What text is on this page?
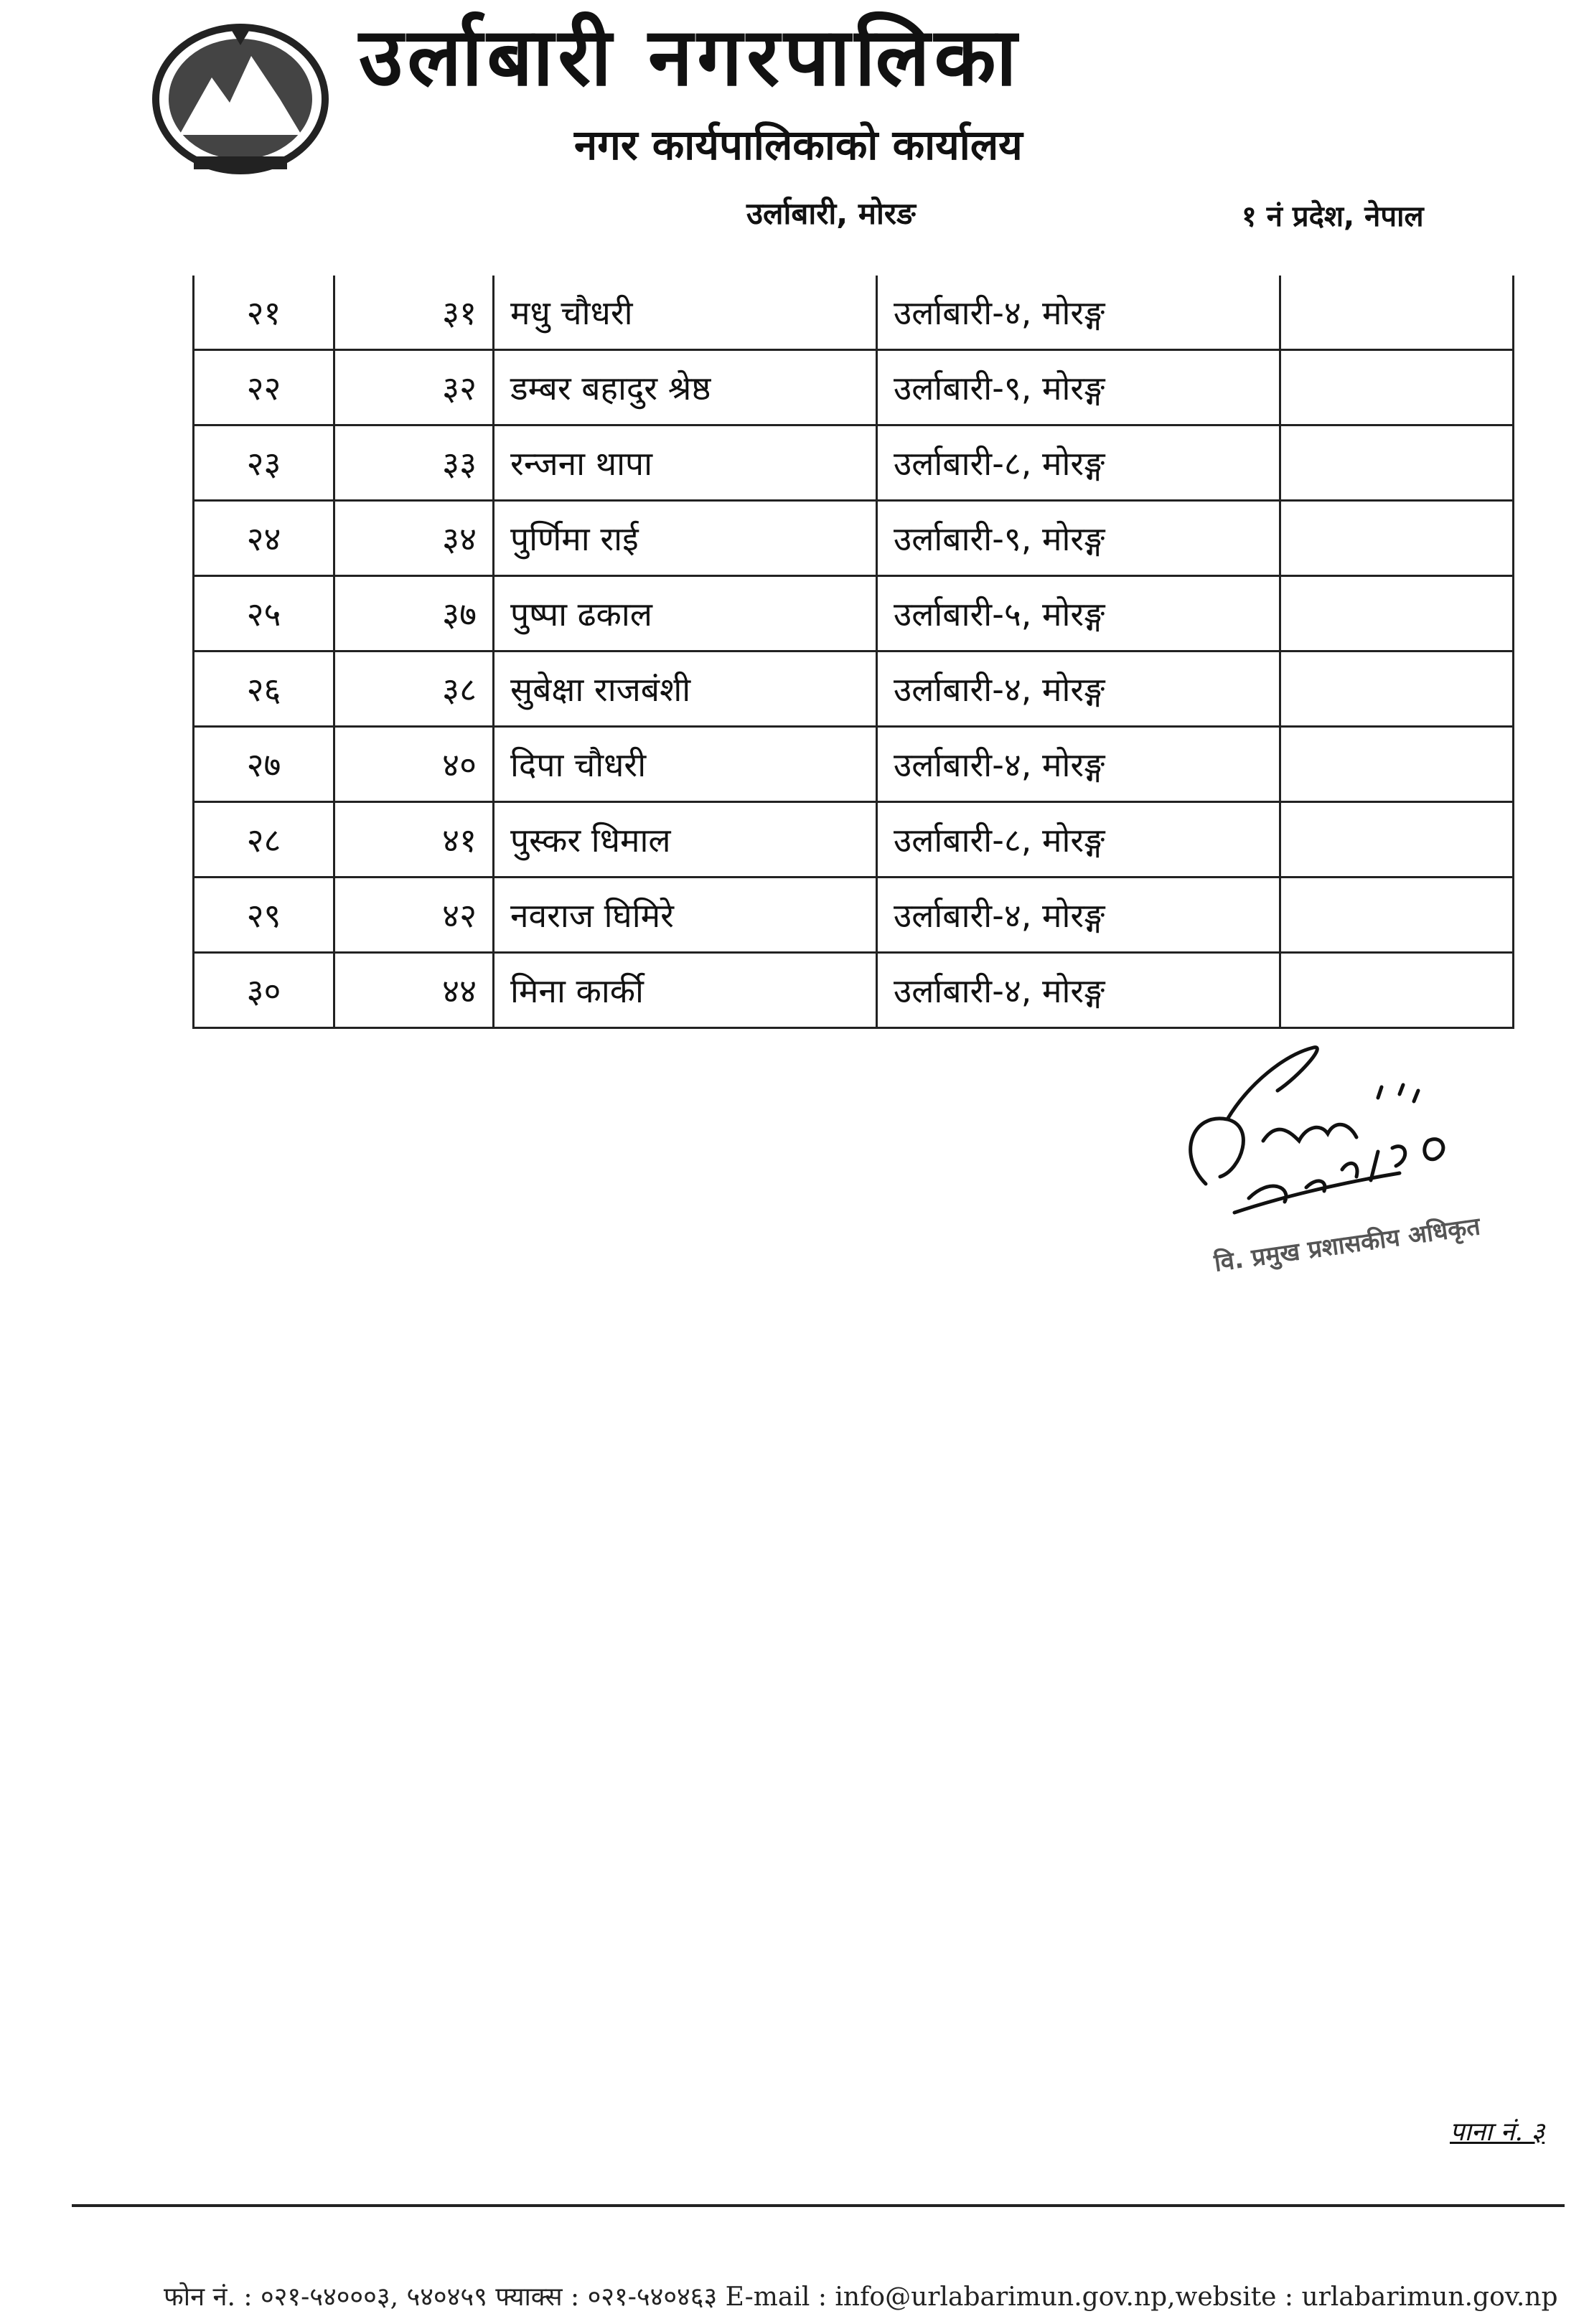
उर्लाबारी नगरपालिका
नगर कार्यपालिकाको कार्यालय
उर्लाबारी, मोरङ	१ नं प्रदेश, नेपाल
२१	३१	मधु चौधरी	उर्लाबारी-४, मोरङ्ग
२२	३२	डम्बर बहादुर श्रेष्ठ	उर्लाबारी-९, मोरङ्ग
२३	३३	रन्जना थापा	उर्लाबारी-८, मोरङ्ग
२४	३४	पुर्णिमा राई	उर्लाबारी-९, मोरङ्ग
२५	३७	पुष्पा ढकाल	उर्लाबारी-५, मोरङ्ग
२६	३८	सुबेक्षा राजबंशी	उर्लाबारी-४, मोरङ्ग
२७	४०	दिपा चौधरी	उर्लाबारी-४, मोरङ्ग
२८	४१	पुस्कर धिमाल	उर्लाबारी-८, मोरङ्ग
२९	४२	नवराज घिमिरे	उर्लाबारी-४, मोरङ्ग
३०	४४	मिना कार्की	उर्लाबारी-४, मोरङ्ग
वि. प्रमुख प्रशासकीय अधिकृत
पाना नं. ३
फोन नं. : ०२१-५४०००३, ५४०४५९ फ्याक्स : ०२१-५४०४६३ E-mail : info@urlabarimun.gov.np,website : urlabarimun.gov.np
